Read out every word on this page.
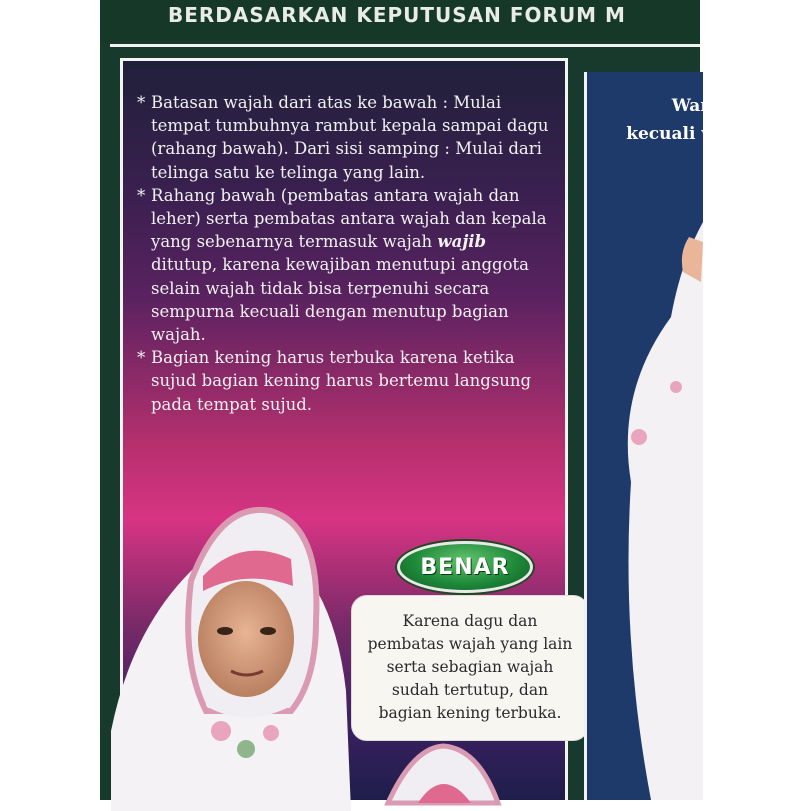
BERDASARKAN KEPUTUSAN FORUM M
* Batasan wajah dari atas ke bawah : Mulai tempat tumbuhnya rambut kepala sampai dagu (rahang bawah). Dari sisi samping : Mulai dari telinga satu ke telinga yang lain.
* Rahang bawah (pembatas antara wajah dan leher) serta pembatas antara wajah dan kepala yang sebenarnya termasuk wajah wajib ditutup, karena kewajiban menutupi anggota selain wajah tidak bisa terpenuhi secara sempurna kecuali dengan menutup bagian wajah.
* Bagian kening harus terbuka karena ketika sujud bagian kening harus bertemu langsung pada tempat sujud.
BENAR
Karena dagu dan
pembatas wajah yang lain
serta sebagian wajah
sudah tertutup, dan
bagian kening terbuka.
Wanit
kecuali wa
